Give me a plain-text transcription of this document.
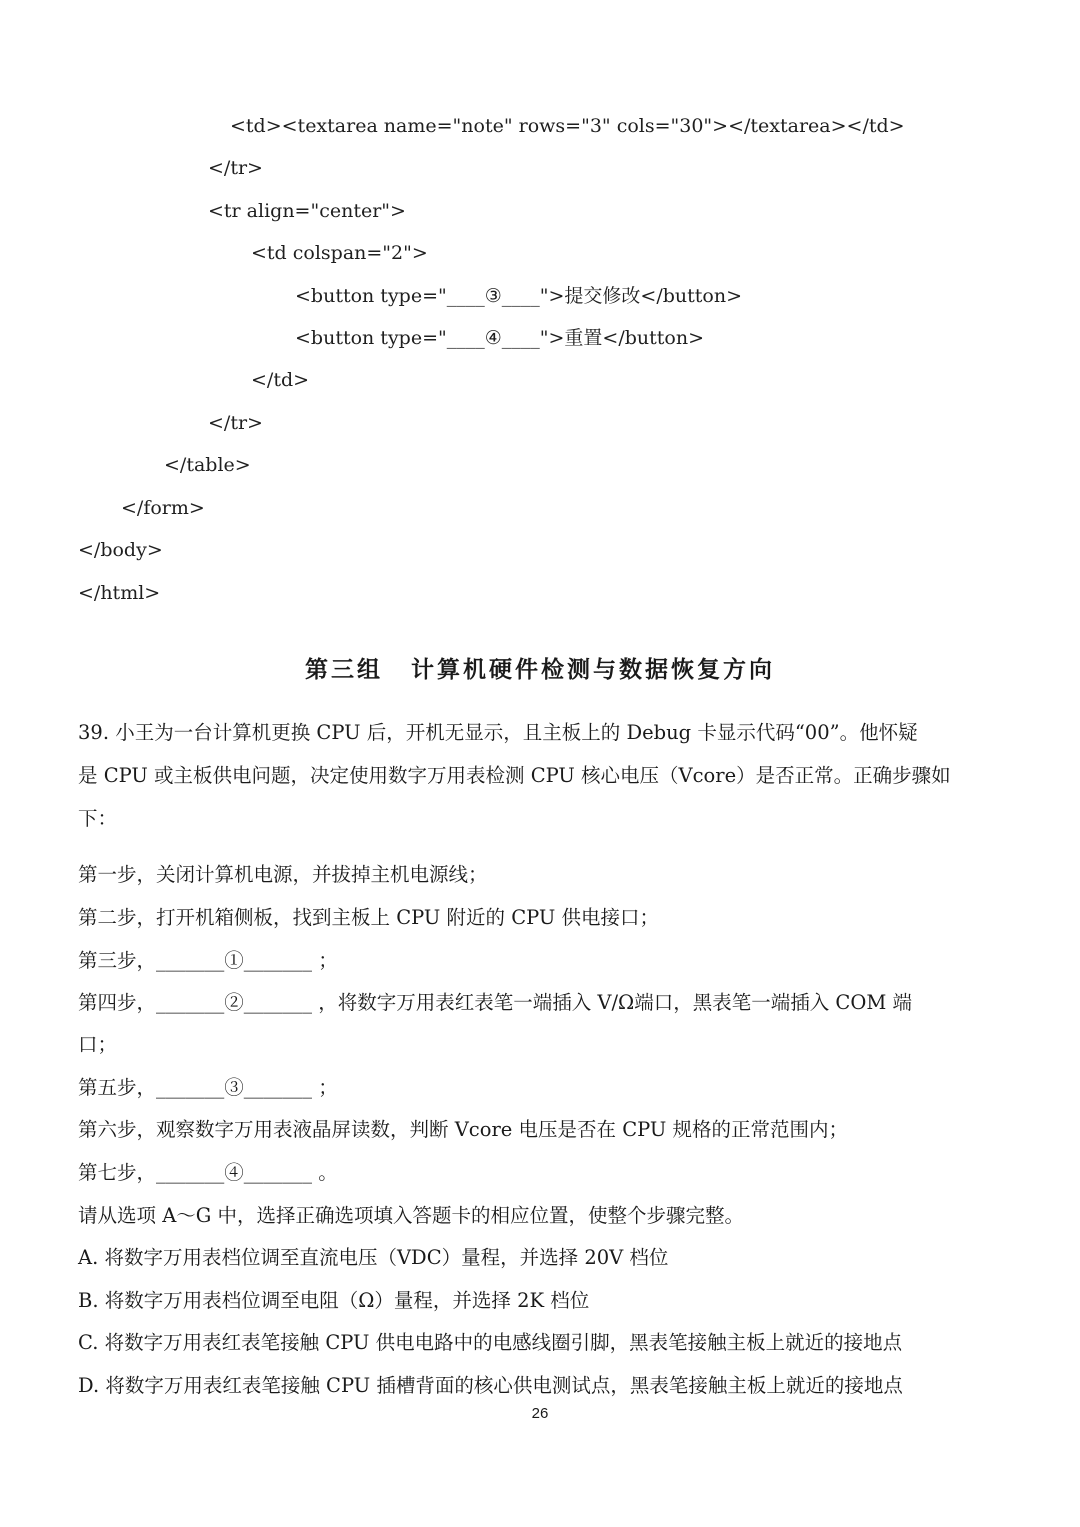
<td><textarea name="note" rows="3" cols="30"></textarea></td>
</tr>
<tr align="center">
<td colspan="2">
<button type="____③____">提交修改</button>
<button type="____④____">重置</button>
</td>
</tr>
</table>
</form>
</body>
</html>
第三组 计算机硬件检测与数据恢复方向
39. 小王为一台计算机更换 CPU 后，开机无显示，且主板上的 Debug 卡显示代码“00”。他怀疑
是 CPU 或主板供电问题，决定使用数字万用表检测 CPU 核心电压（Vcore）是否正常。正确步骤如
下：
第一步，关闭计算机电源，并拔掉主机电源线；
第二步，打开机箱侧板，找到主板上 CPU 附近的 CPU 供电接口；
第三步，_______①_______ ；
第四步，_______②_______ ，将数字万用表红表笔一端插入 V/Ω端口，黑表笔一端插入 COM 端
口；
第五步，_______③_______ ；
第六步，观察数字万用表液晶屏读数，判断 Vcore 电压是否在 CPU 规格的正常范围内；
第七步，_______④_______ 。
请从选项 A～G 中，选择正确选项填入答题卡的相应位置，使整个步骤完整。
A. 将数字万用表档位调至直流电压（VDC）量程，并选择 20V 档位
B. 将数字万用表档位调至电阻（Ω）量程，并选择 2K 档位
C. 将数字万用表红表笔接触 CPU 供电电路中的电感线圈引脚，黑表笔接触主板上就近的接地点
D. 将数字万用表红表笔接触 CPU 插槽背面的核心供电测试点，黑表笔接触主板上就近的接地点
26
